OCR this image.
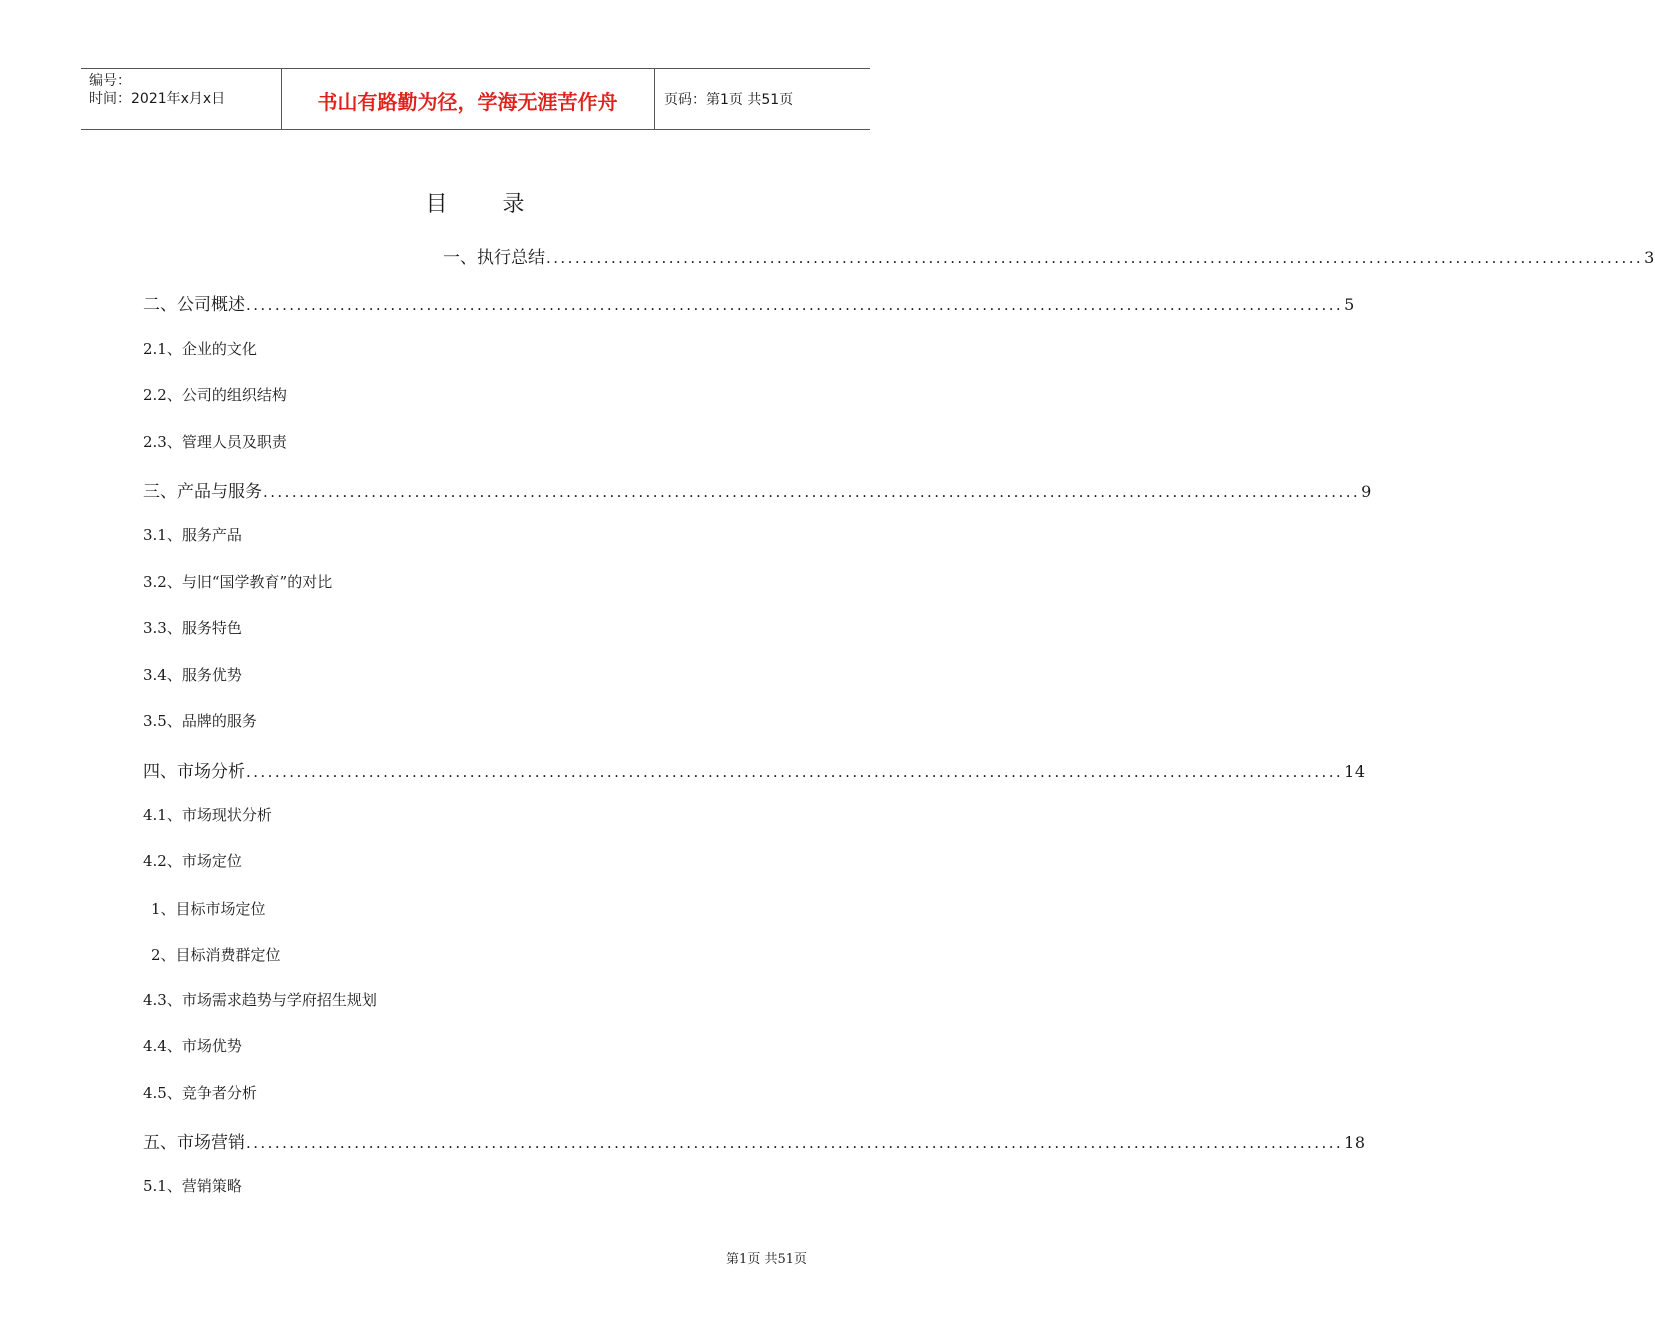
编号：
时间：2021年x月x日	书山有路勤为径，学海无涯苦作舟	页码：第1页 共51页
目 录
一、执行总结 ........................................................................................................................................................ 3
二、公司概述 ........................................................................................................................................................ 5
2.1、企业的文化
2.2、公司的组织结构
2.3、管理人员及职责
三、产品与服务 ........................................................................................................................................................ 9
3.1、服务产品
3.2、与旧“国学教育”的对比
3.3、服务特色
3.4、服务优势
3.5、品牌的服务
四、市场分析 ........................................................................................................................................................ 14
4.1、市场现状分析
4.2、市场定位
1、目标市场定位
2、目标消费群定位
4.3、市场需求趋势与学府招生规划
4.4、市场优势
4.5、竞争者分析
五、市场营销 ........................................................................................................................................................ 18
5.1、营销策略
第1页 共51页
